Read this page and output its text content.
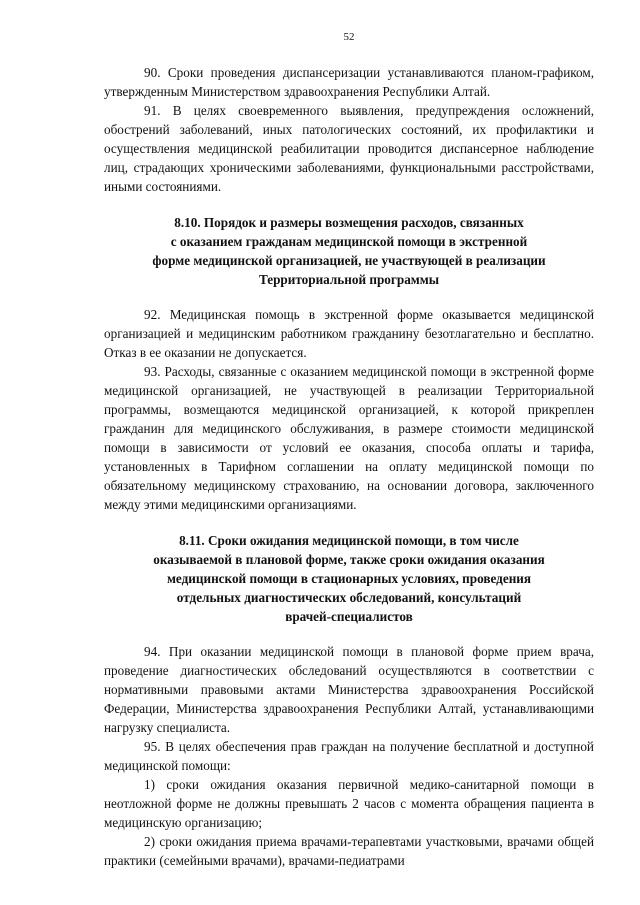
52

90. Сроки проведения диспансеризации устанавливаются планом-графиком, утвержденным Министерством здравоохранения Республики Алтай.

91. В целях своевременного выявления, предупреждения осложнений, обострений заболеваний, иных патологических состояний, их профилактики и осуществления медицинской реабилитации проводится диспансерное наблюдение лиц, страдающих хроническими заболеваниями, функциональными расстройствами, иными состояниями.

8.10. Порядок и размеры возмещения расходов, связанных
с оказанием гражданам медицинской помощи в экстренной
форме медицинской организацией, не участвующей в реализации
Территориальной программы

92. Медицинская помощь в экстренной форме оказывается медицинской организацией и медицинским работником гражданину безотлагательно и бесплатно. Отказ в ее оказании не допускается.

93. Расходы, связанные с оказанием медицинской помощи в экстренной форме медицинской организацией, не участвующей в реализации Территориальной программы, возмещаются медицинской организацией, к которой прикреплен гражданин для медицинского обслуживания, в размере стоимости медицинской помощи в зависимости от условий ее оказания, способа оплаты и тарифа, установленных в Тарифном соглашении на оплату медицинской помощи по обязательному медицинскому страхованию, на основании договора, заключенного между этими медицинскими организациями.

8.11. Сроки ожидания медицинской помощи, в том числе
оказываемой в плановой форме, также сроки ожидания оказания
медицинской помощи в стационарных условиях, проведения
отдельных диагностических обследований, консультаций
врачей-специалистов

94. При оказании медицинской помощи в плановой форме прием врача, проведение диагностических обследований осуществляются в соответствии с нормативными правовыми актами Министерства здравоохранения Российской Федерации, Министерства здравоохранения Республики Алтай, устанавливающими нагрузку специалиста.

95. В целях обеспечения прав граждан на получение бесплатной и доступной медицинской помощи:

1) сроки ожидания оказания первичной медико-санитарной помощи в неотложной форме не должны превышать 2 часов с момента обращения пациента в медицинскую организацию;

2) сроки ожидания приема врачами-терапевтами участковыми, врачами общей практики (семейными врачами), врачами-педиатрами
